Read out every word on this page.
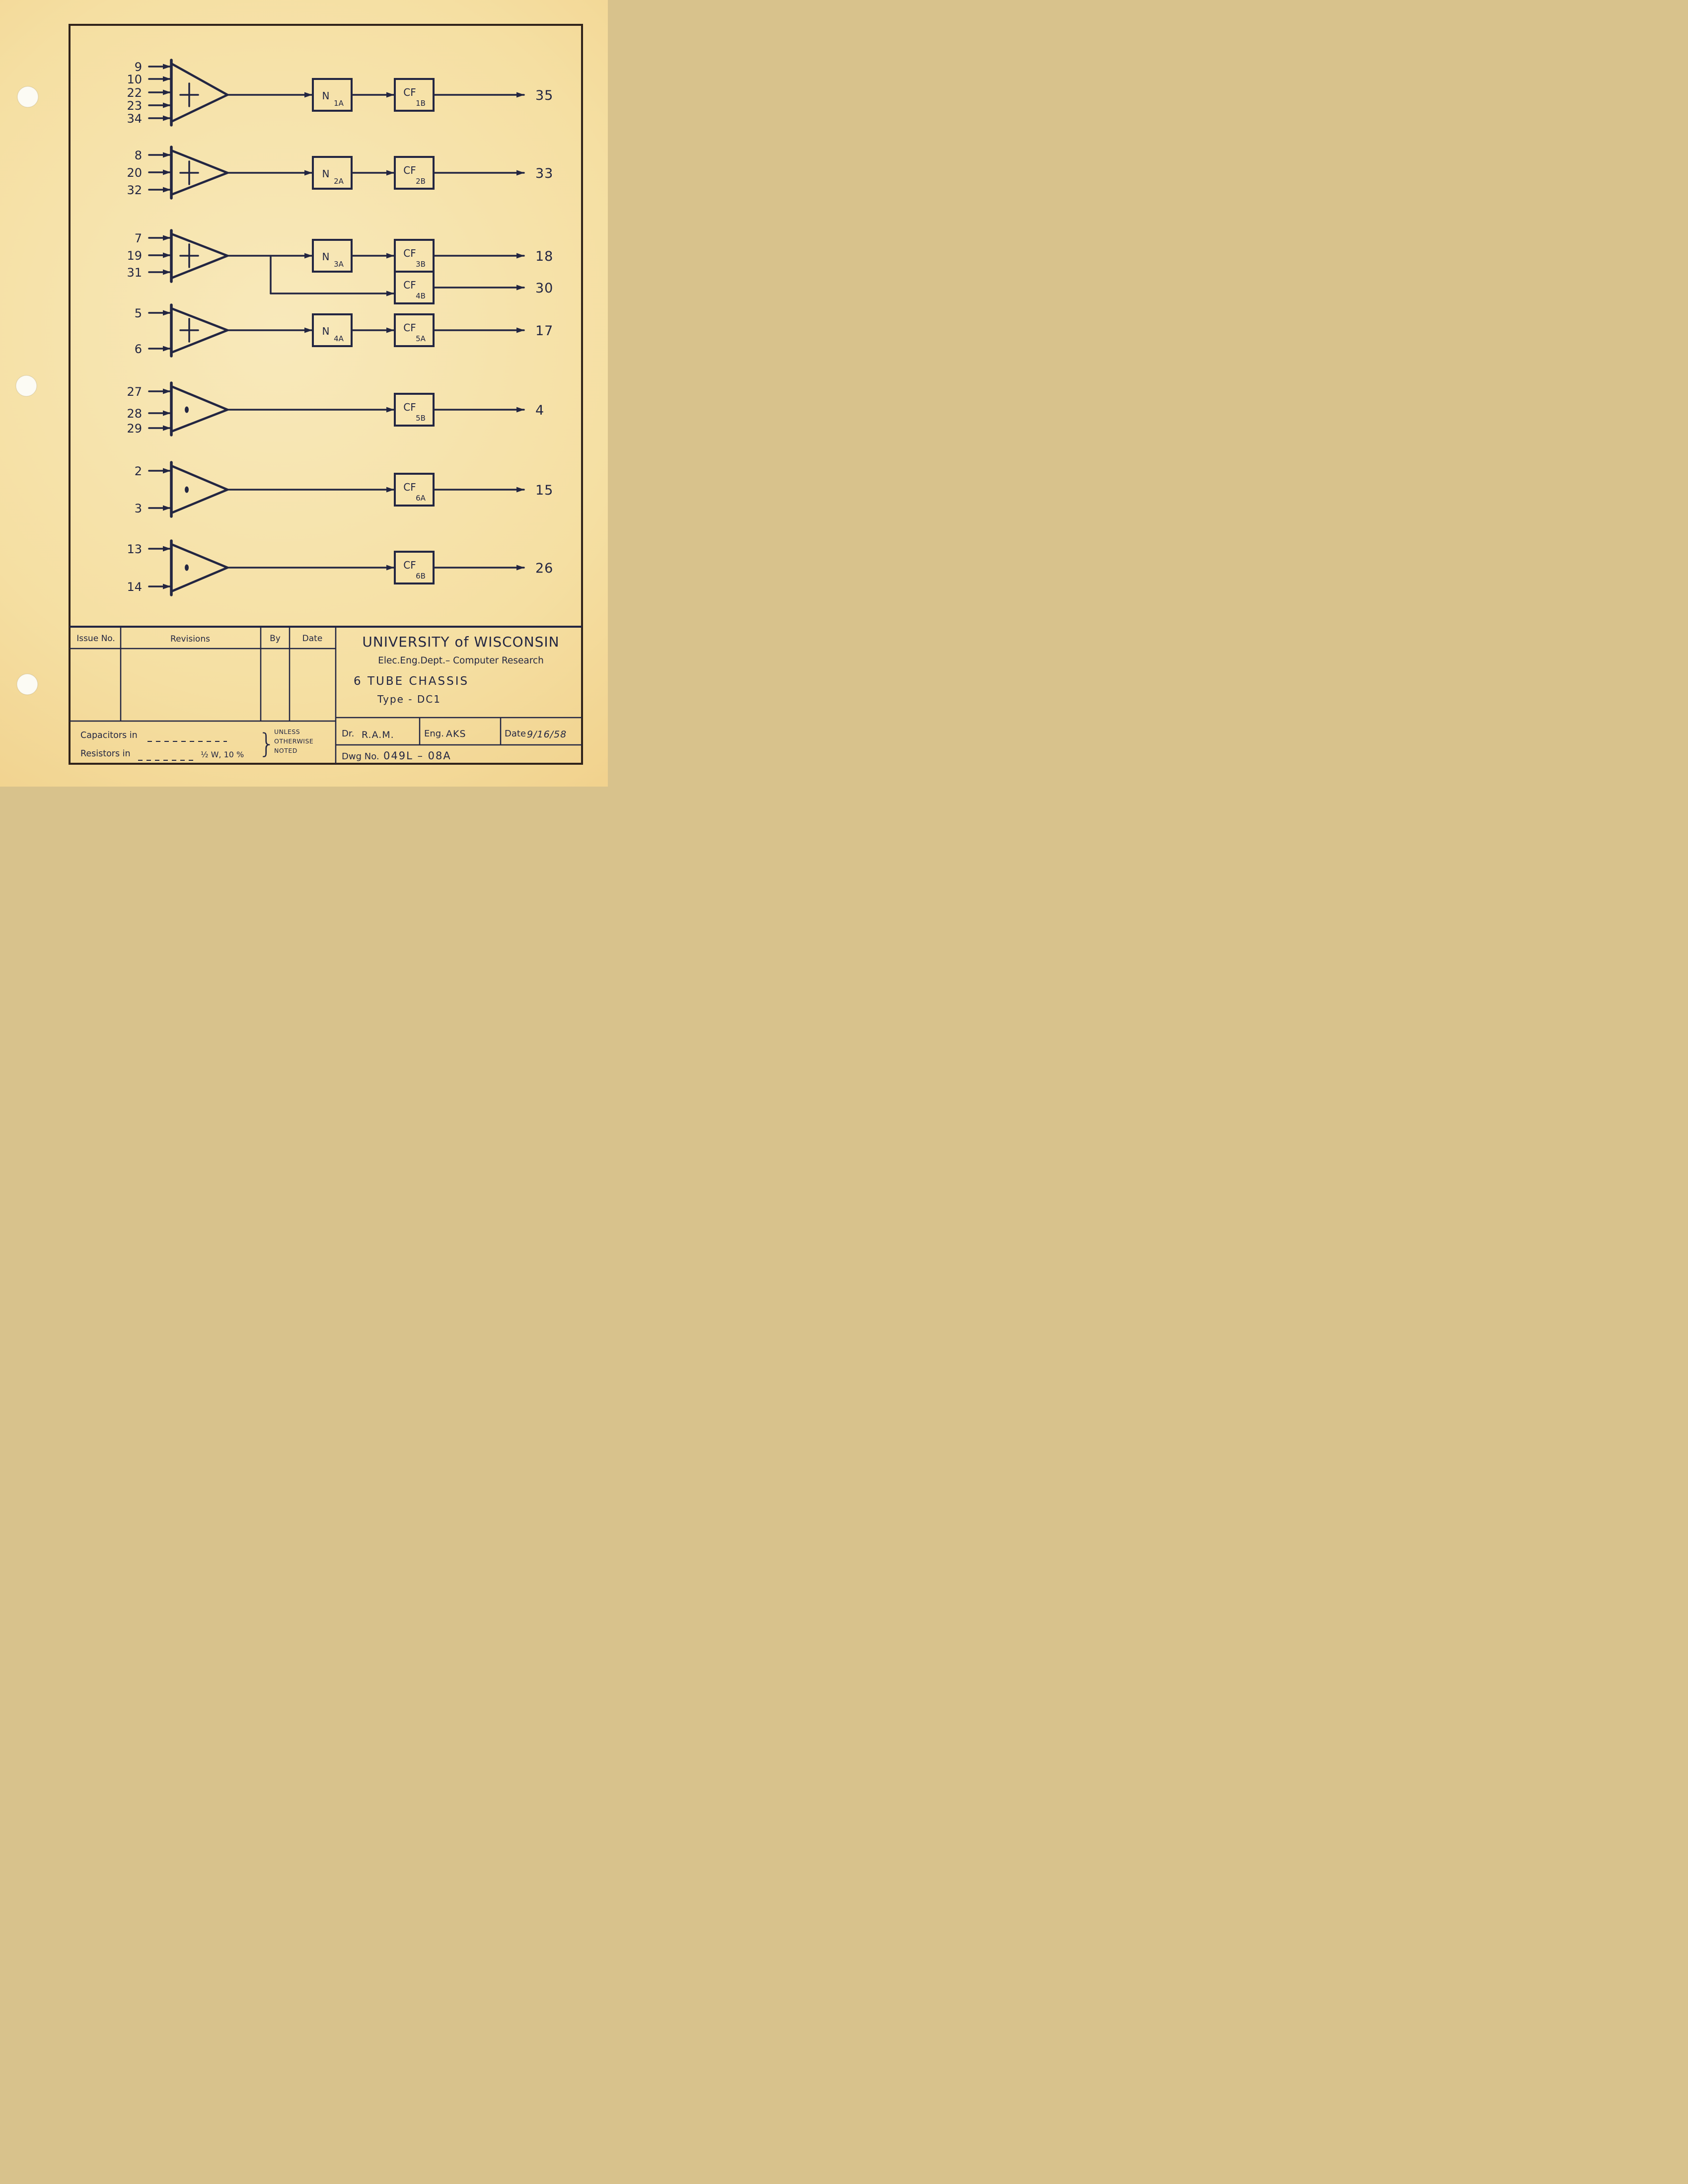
9
10
22
23
34
N
1A
CF
1B	35
8
20
32
N
2A
CF
2B	33
7
19
31
N
3A
CF
3B	18
CF
4B	30
5
6
N
4A
CF
5A	17
27
28
29
CF
5B	4
2
3
CF
6A	15
13
14
CF
6B	26
Issue No.	Revisions	By	Date	UNIVERSITY of WISCONSIN
Elec.Eng.Dept.– Computer Research
6 TUBE CHASSIS
Type - DC1
Dr. R.A.M.	Eng. AKS	Date 9/16/58
Dwg No. 049L – 08A
Capacitors in
Resistors in	½ W, 10 % }
UNLESS
OTHERWISE
NOTED
